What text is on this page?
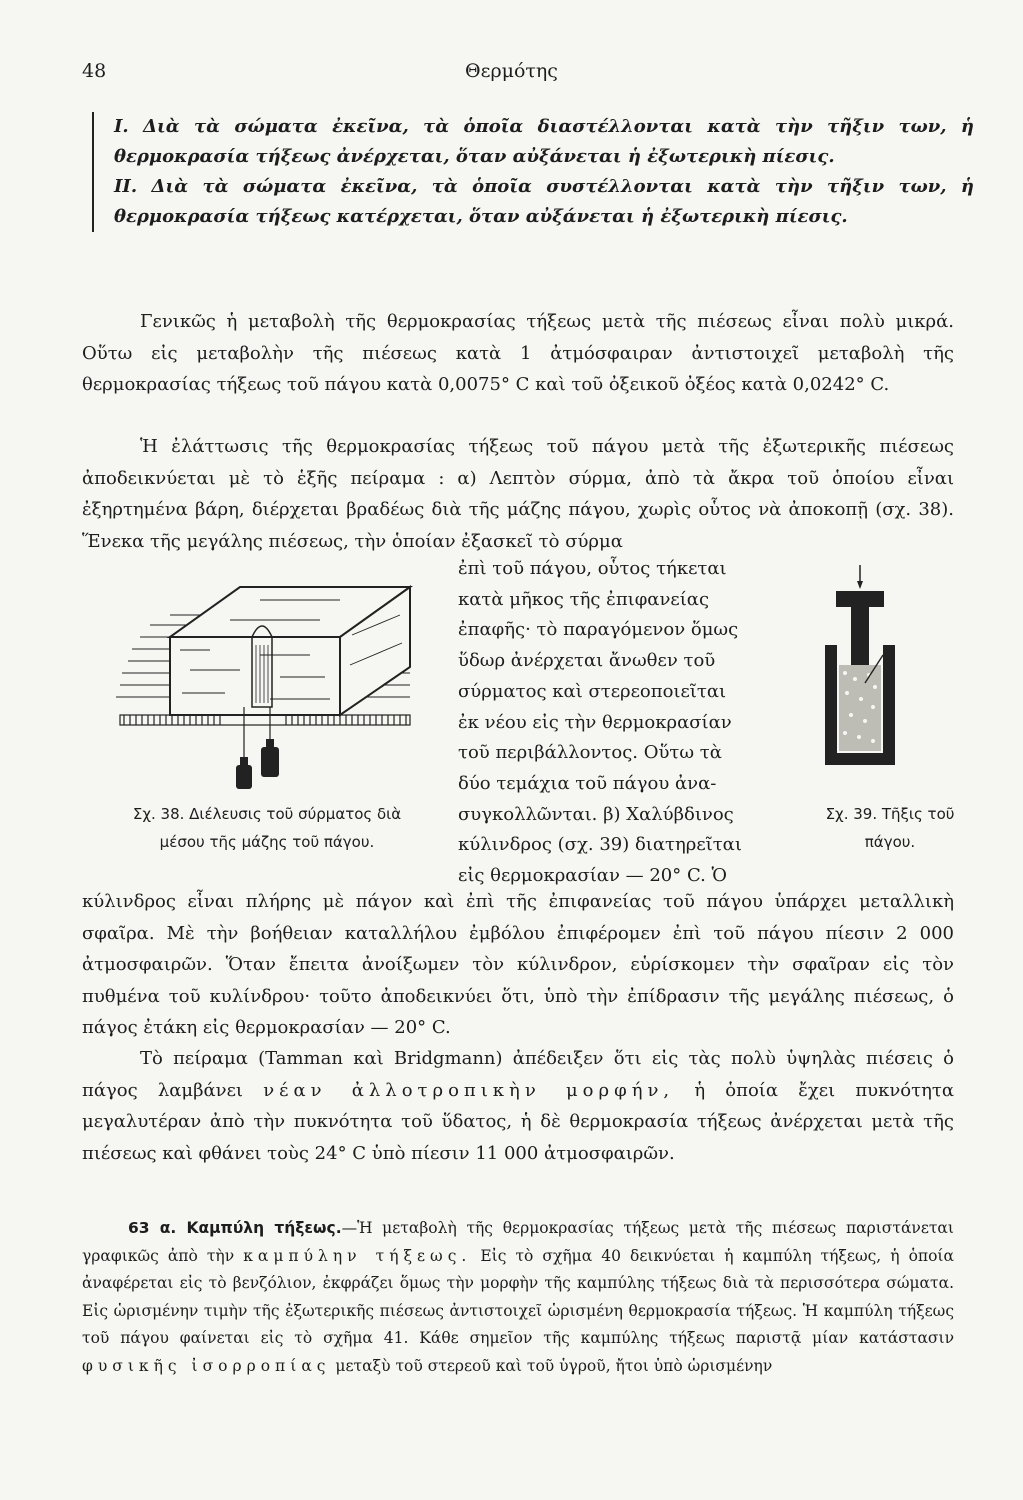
48	Θερμότης

Ι. Διὰ τὰ σώματα ἐκεῖνα, τὰ ὁποῖα διαστέλλονται κατὰ τὴν τῆξιν των, ἡ θερμοκρασία τήξεως ἀνέρχεται, ὅταν αὐξάνεται ἡ ἐξωτερικὴ πίεσις.

ΙΙ. Διὰ τὰ σώματα ἐκεῖνα, τὰ ὁποῖα συστέλλονται κατὰ τὴν τῆξιν των, ἡ θερμοκρασία τήξεως κατέρχεται, ὅταν αὐξάνεται ἡ ἐξωτερικὴ πίεσις.

Γενικῶς ἡ μεταβολὴ τῆς θερμοκρασίας τήξεως μετὰ τῆς πιέσεως εἶναι πολὺ μικρά. Οὕτω εἰς μεταβολὴν τῆς πιέσεως κατὰ 1 ἀτμόσφαιραν ἀντιστοιχεῖ μεταβολὴ τῆς θερμοκρασίας τήξεως τοῦ πάγου κατὰ 0,0075° C καὶ τοῦ ὀξεικοῦ ὀξέος κατὰ 0,0242° C.

Ἡ ἐλάττωσις τῆς θερμοκρασίας τήξεως τοῦ πάγου μετὰ τῆς ἐξωτερικῆς πιέσεως ἀποδεικνύεται μὲ τὸ ἑξῆς πείραμα : α) Λεπτὸν σύρμα, ἀπὸ τὰ ἄκρα τοῦ ὁποίου εἶναι ἐξηρτημένα βάρη, διέρχεται βραδέως διὰ τῆς μάζης πάγου, χωρὶς οὗτος νὰ ἀποκοπῇ (σχ. 38). Ἕνεκα τῆς μεγάλης πιέσεως, τὴν ὁποίαν ἐξασκεῖ τὸ σύρμα

ἐπὶ τοῦ πάγου, οὗτος τήκεται
κατὰ μῆκος τῆς ἐπιφανείας
ἐπαφῆς· τὸ παραγόμενον ὅμως
ὕδωρ ἀνέρχεται ἄνωθεν τοῦ
σύρματος καὶ στερεοποιεῖται
ἐκ νέου εἰς τὴν θερμοκρασίαν
τοῦ περιβάλλοντος. Οὕτω τὰ
δύο τεμάχια τοῦ πάγου ἀνα-
συγκολλῶνται. β) Χαλύβδινος
κύλινδρος (σχ. 39) διατηρεῖται
εἰς θερμοκρασίαν — 20° C. Ὁ
Σχ. 38. Διέλευσις τοῦ σύρματος διὰ
μέσου τῆς μάζης τοῦ πάγου.
Σχ. 39. Τῆξις τοῦ
πάγου.

κύλινδρος εἶναι πλήρης μὲ πάγον καὶ ἐπὶ τῆς ἐπιφανείας τοῦ πάγου ὑπάρχει μεταλλικὴ σφαῖρα. Μὲ τὴν βοήθειαν καταλλήλου ἐμβόλου ἐπιφέρομεν ἐπὶ τοῦ πάγου πίεσιν 2 000 ἀτμοσφαιρῶν. Ὅταν ἔπειτα ἀνοίξωμεν τὸν κύλινδρον, εὑρίσκομεν τὴν σφαῖραν εἰς τὸν πυθμένα τοῦ κυλίνδρου· τοῦτο ἀποδεικνύει ὅτι, ὑπὸ τὴν ἐπίδρασιν τῆς μεγάλης πιέσεως, ὁ πάγος ἐτάκη εἰς θερμοκρασίαν — 20° C.

Τὸ πείραμα (Tamman καὶ Bridgmann) ἀπέδειξεν ὅτι εἰς τὰς πολὺ ὑψηλὰς πιέσεις ὁ πάγος λαμβάνει νέαν ἀλλοτροπικὴν μορφήν, ἡ ὁποία ἔχει πυκνότητα μεγαλυτέραν ἀπὸ τὴν πυκνότητα τοῦ ὕδατος, ἡ δὲ θερμοκρασία τήξεως ἀνέρχεται μετὰ τῆς πιέσεως καὶ φθάνει τοὺς 24° C ὑπὸ πίεσιν 11 000 ἀτμοσφαιρῶν.

63 α. Καμπύλη τήξεως.—Ἡ μεταβολὴ τῆς θερμοκρασίας τήξεως μετὰ τῆς πιέσεως παριστάνεται γραφικῶς ἀπὸ τὴν καμπύλην τήξεως. Εἰς τὸ σχῆμα 40 δεικνύεται ἡ καμπύλη τήξεως, ἡ ὁποία ἀναφέρεται εἰς τὸ βενζόλιον, ἐκφράζει ὅμως τὴν μορφὴν τῆς καμπύλης τήξεως διὰ τὰ περισσότερα σώματα. Εἰς ὡρισμένην τιμὴν τῆς ἐξωτερικῆς πιέσεως ἀντιστοιχεῖ ὡρισμένη θερμοκρασία τήξεως. Ἡ καμπύλη τήξεως τοῦ πάγου φαίνεται εἰς τὸ σχῆμα 41. Κάθε σημεῖον τῆς καμπύλης τήξεως παριστᾷ μίαν κατάστασιν φυσικῆς ἰσορροπίας μεταξὺ τοῦ στερεοῦ καὶ τοῦ ὑγροῦ, ἤτοι ὑπὸ ὡρισμένην
